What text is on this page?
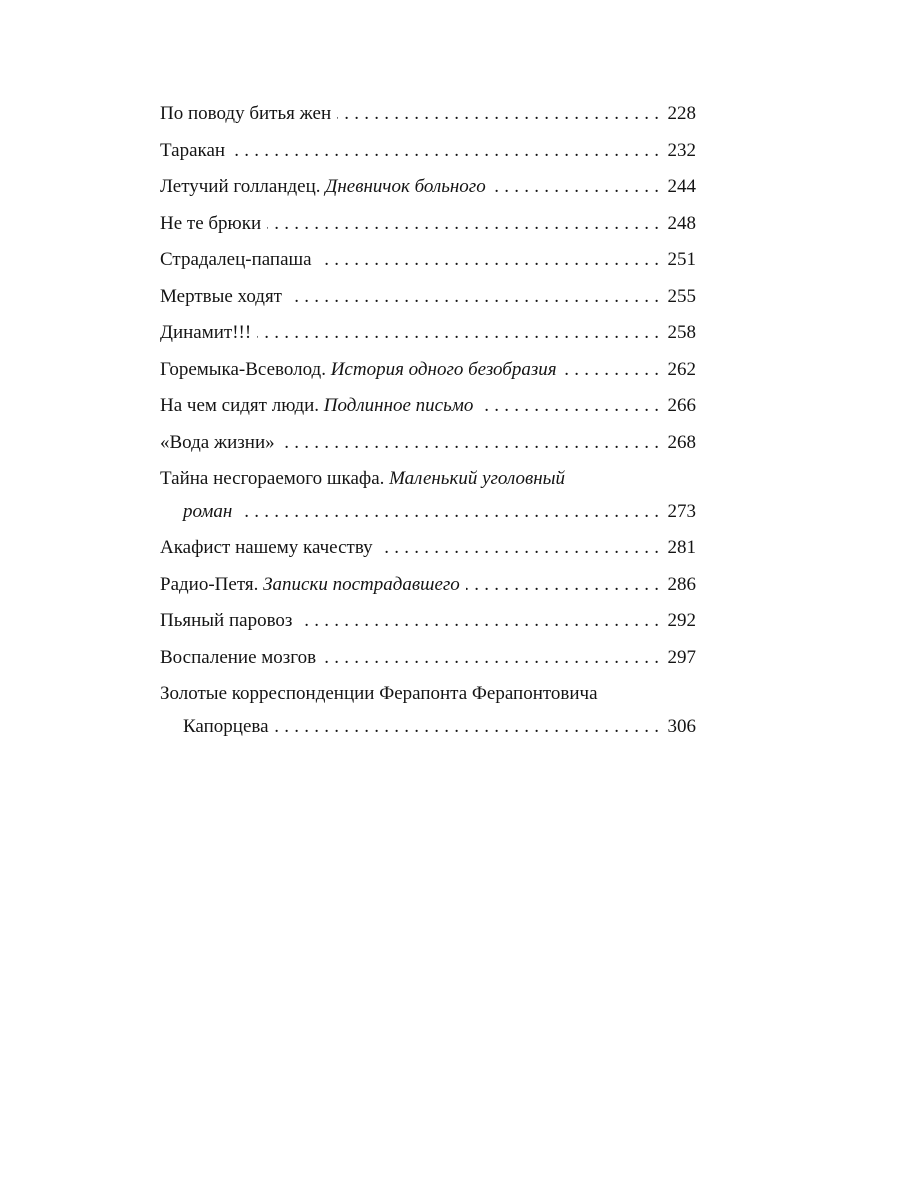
По поводу битья жен . . .	228
Таракан . . .	232
Летучий голландец. Дневничок больного . . .	244
Не те брюки . . .	248
Страдалец-папаша . . .	251
Мертвые ходят . . .	255
Динамит!!! . . .	258
Горемыка-Всеволод. История одного безобразия . . .	262
На чем сидят люди. Подлинное письмо . . .	266
«Вода жизни» . . .	268
Тайна несгораемого шкафа. Маленький уголовный
роман . . .	273
Акафист нашему качеству . . .	281
Радио-Петя. Записки пострадавшего . . .	286
Пьяный паровоз . . .	292
Воспаление мозгов . . .	297
Золотые корреспонденции Ферапонта Ферапонтовича
Капорцева . . .	306
